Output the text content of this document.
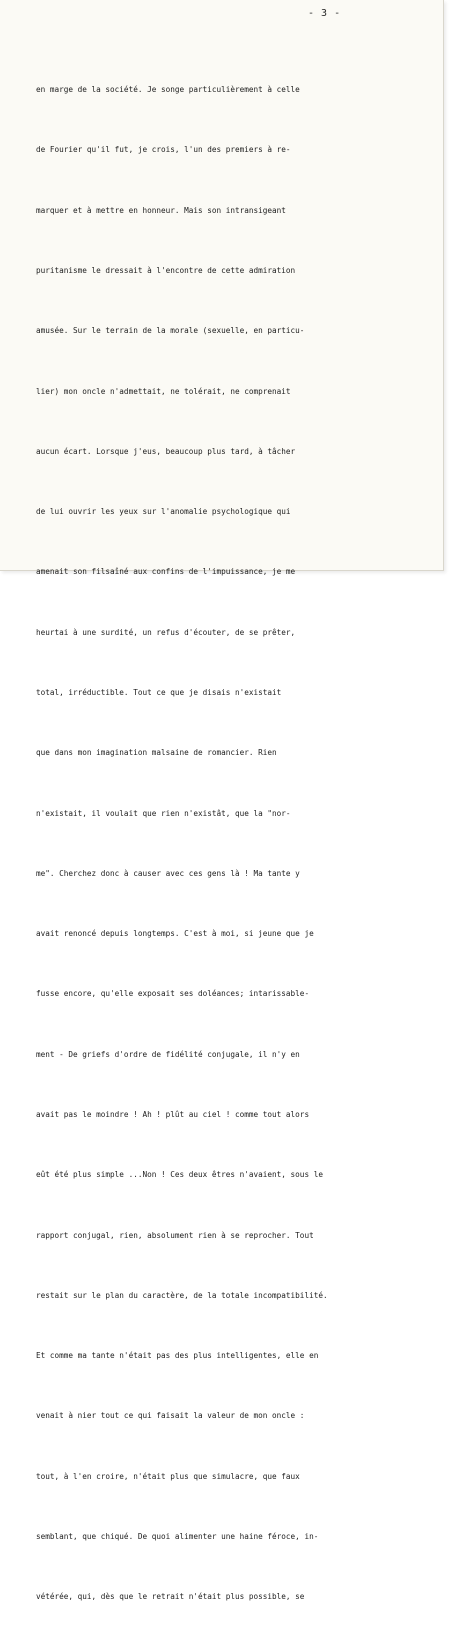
- 3 -

en marge de la société. Je songe particulièrement à celle

de Fourier qu'il fut, je crois, l'un des premiers à re-

marquer et à mettre en honneur. Mais son intransigeant

puritanisme le dressait à l'encontre de cette admiration

amusée. Sur le terrain de la morale (sexuelle, en particu-

lier) mon oncle n'admettait, ne tolérait, ne comprenait

aucun écart. Lorsque j'eus, beaucoup plus tard, à tâcher

de lui ouvrir les yeux sur l'anomalie psychologique qui

amenait son filsaîné aux confins de l'impuissance, je me

heurtai à une surdité, un refus d'écouter, de se prêter,

total, irréductible. Tout ce que je disais n'existait

que dans mon imagination malsaine de romancier. Rien

n'existait, il voulait que rien n'existât, que la "nor-

me". Cherchez donc à causer avec ces gens là ! Ma tante y

avait renoncé depuis longtemps. C'est à moi, si jeune que je

fusse encore, qu'elle exposait ses doléances; intarissable-

ment - De griefs d'ordre de fidélité conjugale, il n'y en

avait pas le moindre ! Ah ! plût au ciel ! comme tout alors

eût été plus simple ...Non ! Ces deux êtres n'avaient, sous le

rapport conjugal, rien, absolument rien à se reprocher. Tout

restait sur le plan du caractère, de la totale incompatibilité.

Et comme ma tante n'était pas des plus intelligentes, elle en

venait à nier tout ce qui faisait la valeur de mon oncle :

tout, à l'en croire, n'était plus que simulacre, que faux

semblant, que chiqué. De quoi alimenter une haine féroce, in-

vétérée, qui, dès que le retrait n'était plus possible, se
